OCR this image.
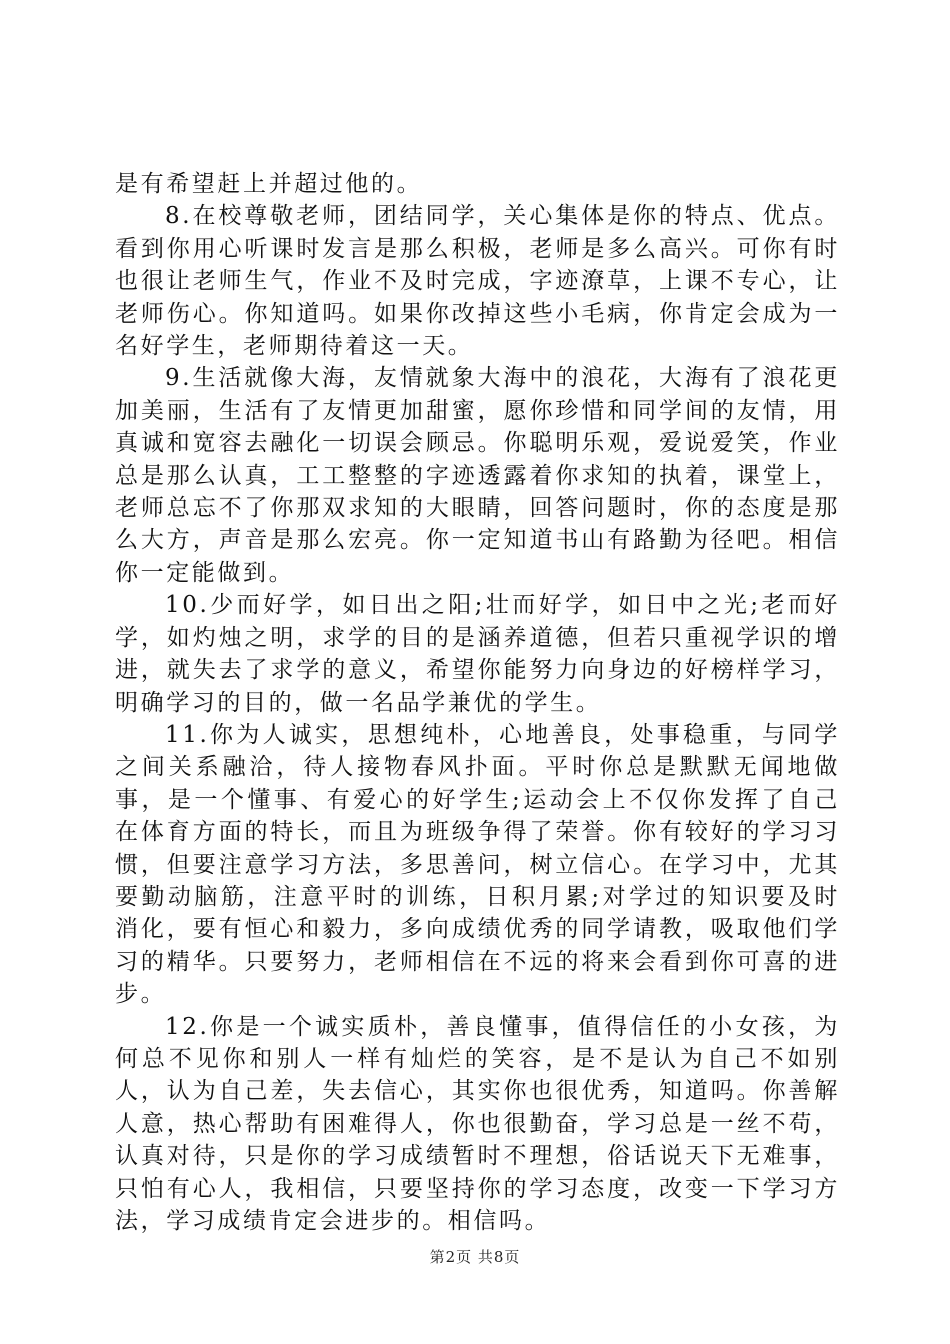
是有希望赶上并超过他的。

8.在校尊敬老师，团结同学，关心集体是你的特点、优点。看到你用心听课时发言是那么积极，老师是多么高兴。可你有时也很让老师生气，作业不及时完成，字迹潦草，上课不专心，让老师伤心。你知道吗。如果你改掉这些小毛病，你肯定会成为一名好学生，老师期待着这一天。

9.生活就像大海，友情就象大海中的浪花，大海有了浪花更加美丽，生活有了友情更加甜蜜，愿你珍惜和同学间的友情，用真诚和宽容去融化一切误会顾忌。你聪明乐观，爱说爱笑，作业总是那么认真，工工整整的字迹透露着你求知的执着，课堂上，老师总忘不了你那双求知的大眼睛，回答问题时，你的态度是那么大方，声音是那么宏亮。你一定知道书山有路勤为径吧。相信你一定能做到。

10.少而好学，如日出之阳;壮而好学，如日中之光;老而好学，如灼烛之明，求学的目的是涵养道德，但若只重视学识的增进，就失去了求学的意义，希望你能努力向身边的好榜样学习，明确学习的目的，做一名品学兼优的学生。

11.你为人诚实，思想纯朴，心地善良，处事稳重，与同学之间关系融洽，待人接物春风扑面。平时你总是默默无闻地做事，是一个懂事、有爱心的好学生;运动会上不仅你发挥了自己在体育方面的特长，而且为班级争得了荣誉。你有较好的学习习惯，但要注意学习方法，多思善问，树立信心。在学习中，尤其要勤动脑筋，注意平时的训练，日积月累;对学过的知识要及时消化，要有恒心和毅力，多向成绩优秀的同学请教，吸取他们学习的精华。只要努力，老师相信在不远的将来会看到你可喜的进步。

12.你是一个诚实质朴，善良懂事，值得信任的小女孩，为何总不见你和别人一样有灿烂的笑容，是不是认为自己不如别人，认为自己差，失去信心，其实你也很优秀，知道吗。你善解人意，热心帮助有困难得人，你也很勤奋，学习总是一丝不苟，认真对待，只是你的学习成绩暂时不理想，俗话说天下无难事，只怕有心人，我相信，只要坚持你的学习态度，改变一下学习方法，学习成绩肯定会进步的。相信吗。

第2页 共8页
